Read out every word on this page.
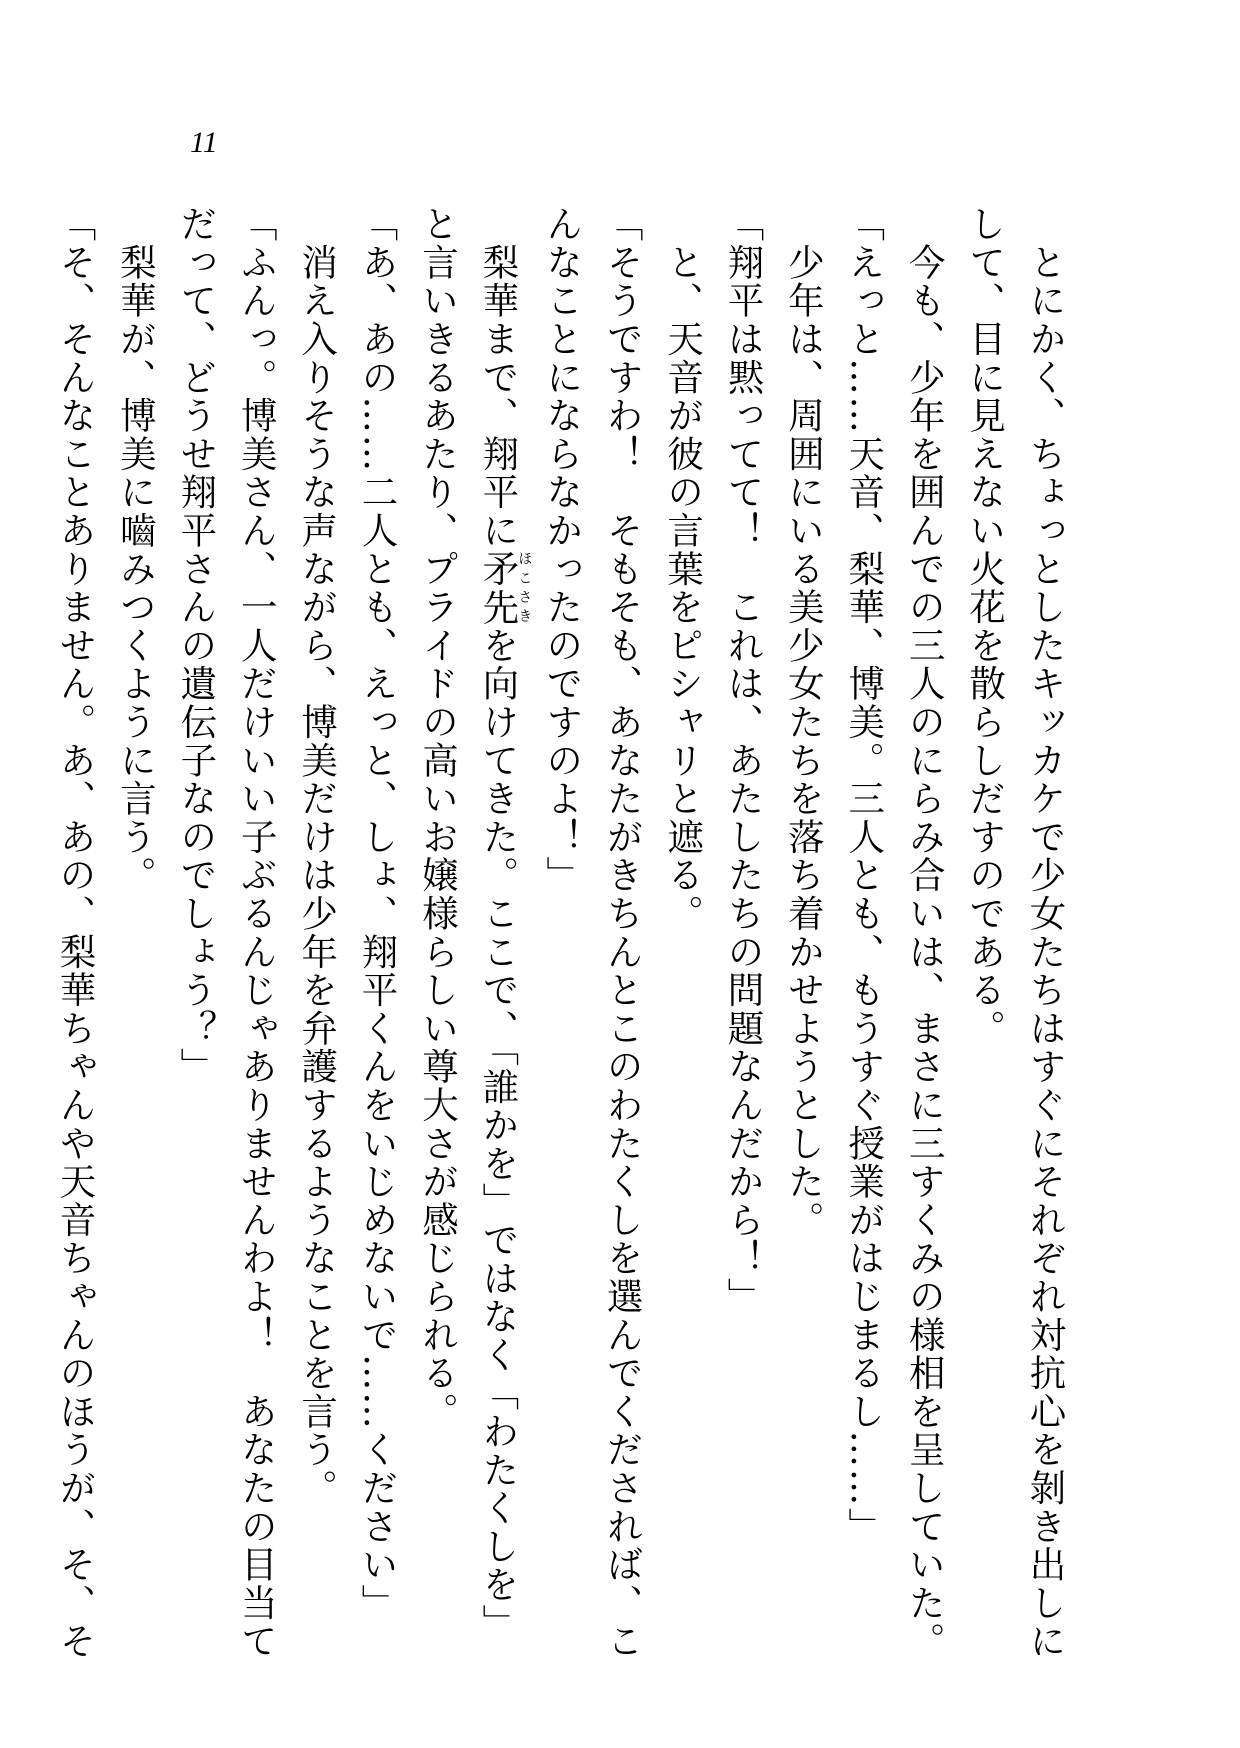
11
　とにかく、ちょっとしたキッカケで少女たちはすぐにそれぞれ対抗心を剝き出しに
して、目に見えない火花を散らしだすのである。
　今も、少年を囲んでの三人のにらみ合いは、まさに三すくみの様相を呈していた。
「えっと……天音、梨華、博美。三人とも、もうすぐ授業がはじまるし……」
　少年は、周囲にいる美少女たちを落ち着かせようとした。
「翔平は黙ってて！　これは、あたしたちの問題なんだから！」
　と、天音が彼の言葉をピシャリと遮る。
「そうですわ！　そもそも、あなたがきちんとこのわたくしを選んでくだされば、こ
んなことにならなかったのですのよ！」
　梨華まで、翔平に矛先ほこさきを向けてきた。ここで、「誰かを」ではなく「わたくしを」
と言いきるあたり、プライドの高いお嬢様らしい尊大さが感じられる。
「あ、あの……二人とも、えっと、しょ、翔平くんをいじめないで……ください」
　消え入りそうな声ながら、博美だけは少年を弁護するようなことを言う。
「ふんっ。博美さん、一人だけいい子ぶるんじゃありませんわよ！　あなたの目当て
だって、どうせ翔平さんの遺伝子なのでしょう？」
　梨華が、博美に嚙みつくように言う。
「そ、そんなことありません。あ、あの、梨華ちゃんや天音ちゃんのほうが、そ、そ
